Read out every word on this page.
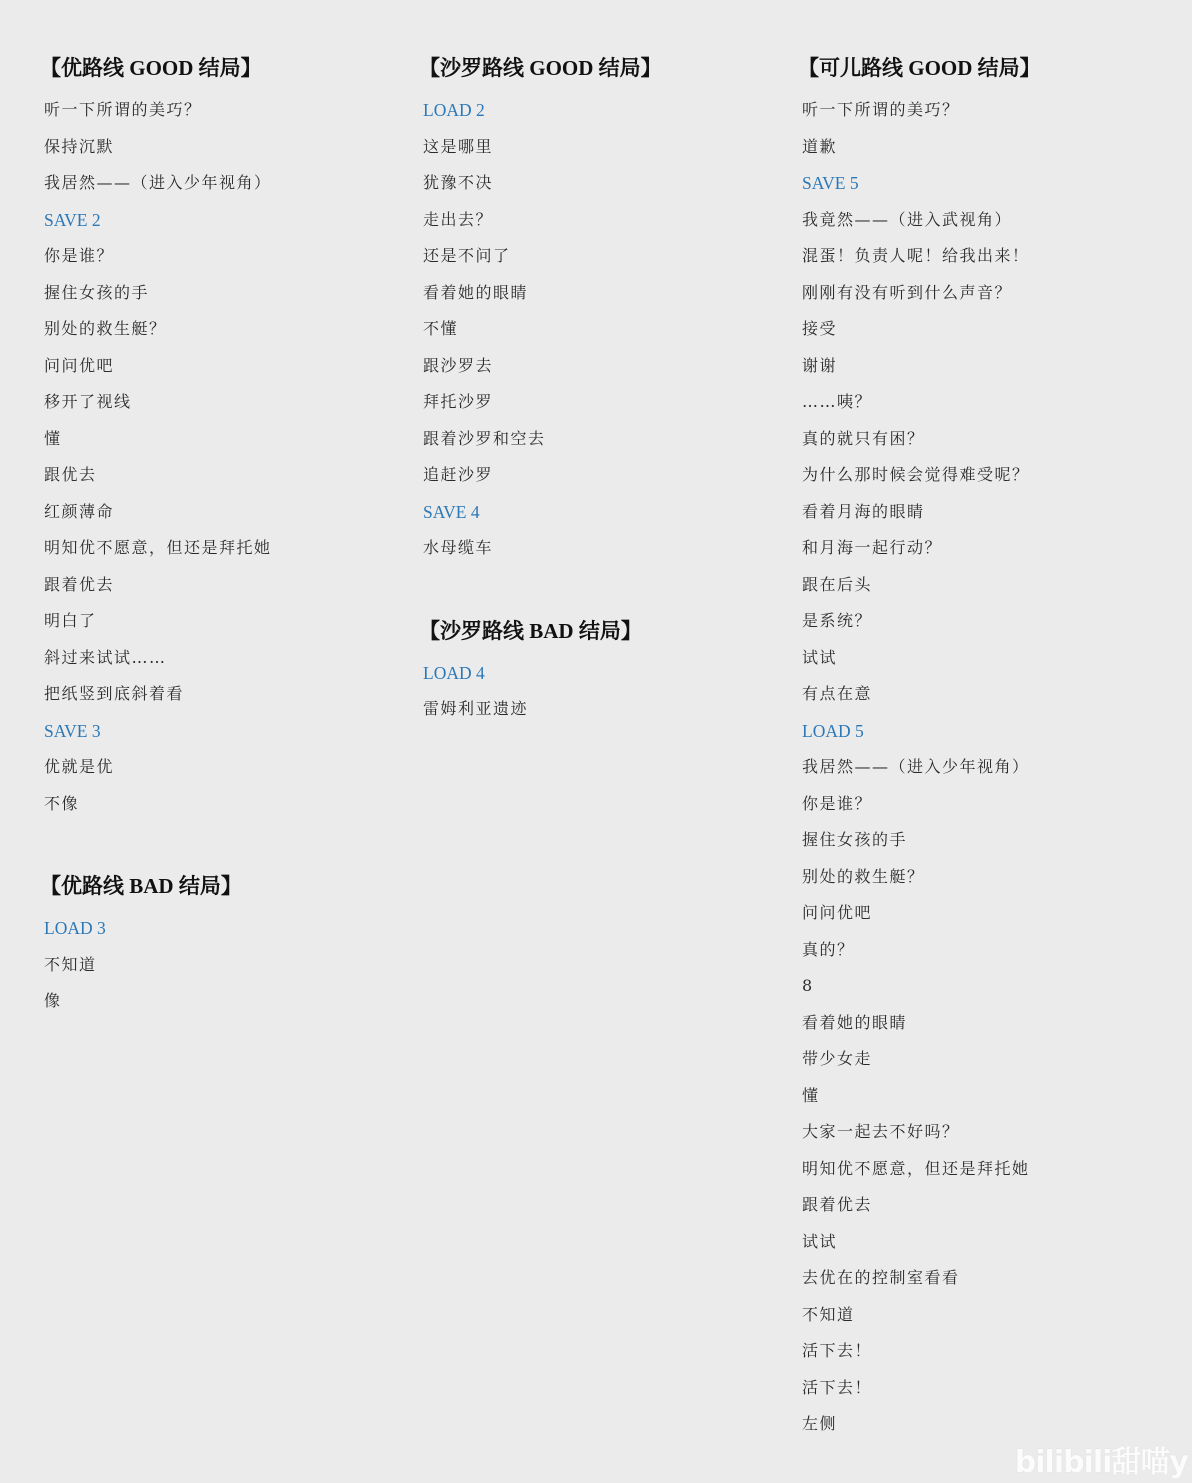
【优路线 GOOD 结局】
听一下所谓的美巧？
保持沉默
我居然——（进入少年视角）
SAVE 2
你是谁？
握住女孩的手
别处的救生艇？
问问优吧
移开了视线
懂
跟优去
红颜薄命
明知优不愿意，但还是拜托她
跟着优去
明白了
斜过来试试……
把纸竖到底斜着看
SAVE 3
优就是优
不像
【优路线 BAD 结局】
LOAD 3
不知道
像
【沙罗路线 GOOD 结局】
LOAD 2
这是哪里
犹豫不决
走出去？
还是不问了
看着她的眼睛
不懂
跟沙罗去
拜托沙罗
跟着沙罗和空去
追赶沙罗
SAVE 4
水母缆车
【沙罗路线 BAD 结局】
LOAD 4
雷姆利亚遗迹
【可儿路线 GOOD 结局】
听一下所谓的美巧？
道歉
SAVE 5
我竟然——（进入武视角）
混蛋！负责人呢！给我出来！
刚刚有没有听到什么声音？
接受
谢谢
……咦？
真的就只有困？
为什么那时候会觉得难受呢？
看着月海的眼睛
和月海一起行动？
跟在后头
是系统？
试试
有点在意
LOAD 5
我居然——（进入少年视角）
你是谁？
握住女孩的手
别处的救生艇？
问问优吧
真的？
8
看着她的眼睛
带少女走
懂
大家一起去不好吗？
明知优不愿意，但还是拜托她
跟着优去
试试
去优在的控制室看看
不知道
活下去！
活下去！
左侧
bilibili甜喵y
